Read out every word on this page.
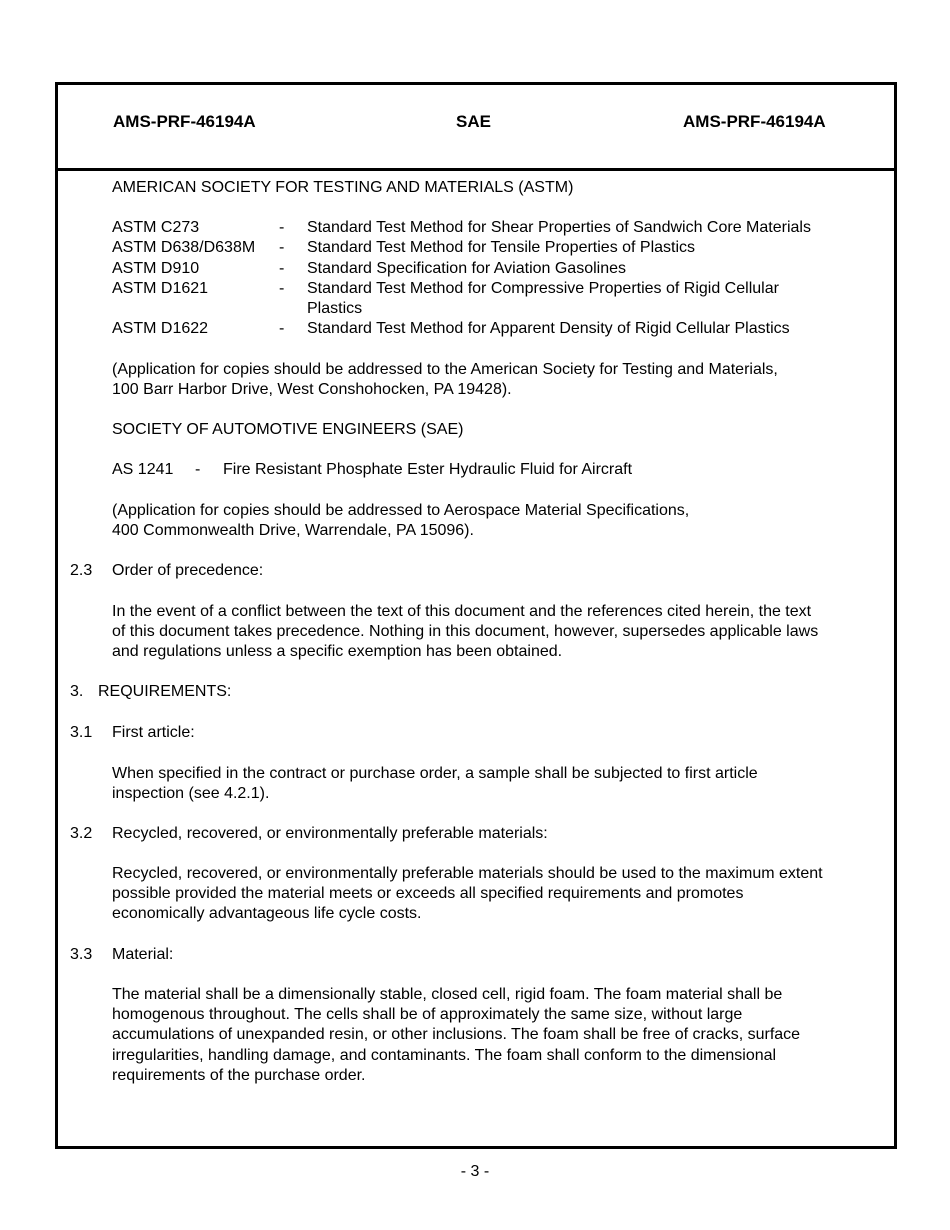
AMS-PRF-46194A	SAE	AMS-PRF-46194A
AMERICAN SOCIETY FOR TESTING AND MATERIALS (ASTM)
ASTM C273	- Standard Test Method for Shear Properties of Sandwich Core Materials
ASTM D638/D638M - Standard Test Method for Tensile Properties of Plastics
ASTM D910	- Standard Specification for Aviation Gasolines
ASTM D1621	- Standard Test Method for Compressive Properties of Rigid Cellular
Plastics
ASTM D1622	- Standard Test Method for Apparent Density of Rigid Cellular Plastics
(Application for copies should be addressed to the American Society for Testing and Materials,
100 Barr Harbor Drive, West Conshohocken, PA 19428).
SOCIETY OF AUTOMOTIVE ENGINEERS (SAE)
AS 1241 - Fire Resistant Phosphate Ester Hydraulic Fluid for Aircraft
(Application for copies should be addressed to Aerospace Material Specifications,
400 Commonwealth Drive, Warrendale, PA 15096).
2.3 Order of precedence:
In the event of a conflict between the text of this document and the references cited herein, the text
of this document takes precedence. Nothing in this document, however, supersedes applicable laws
and regulations unless a specific exemption has been obtained.
3. REQUIREMENTS:
3.1 First article:
When specified in the contract or purchase order, a sample shall be subjected to first article
inspection (see 4.2.1).
3.2 Recycled, recovered, or environmentally preferable materials:
Recycled, recovered, or environmentally preferable materials should be used to the maximum extent
possible provided the material meets or exceeds all specified requirements and promotes
economically advantageous life cycle costs.
3.3 Material:
The material shall be a dimensionally stable, closed cell, rigid foam. The foam material shall be
homogenous throughout. The cells shall be of approximately the same size, without large
accumulations of unexpanded resin, or other inclusions. The foam shall be free of cracks, surface
irregularities, handling damage, and contaminants. The foam shall conform to the dimensional
requirements of the purchase order.
- 3 -
